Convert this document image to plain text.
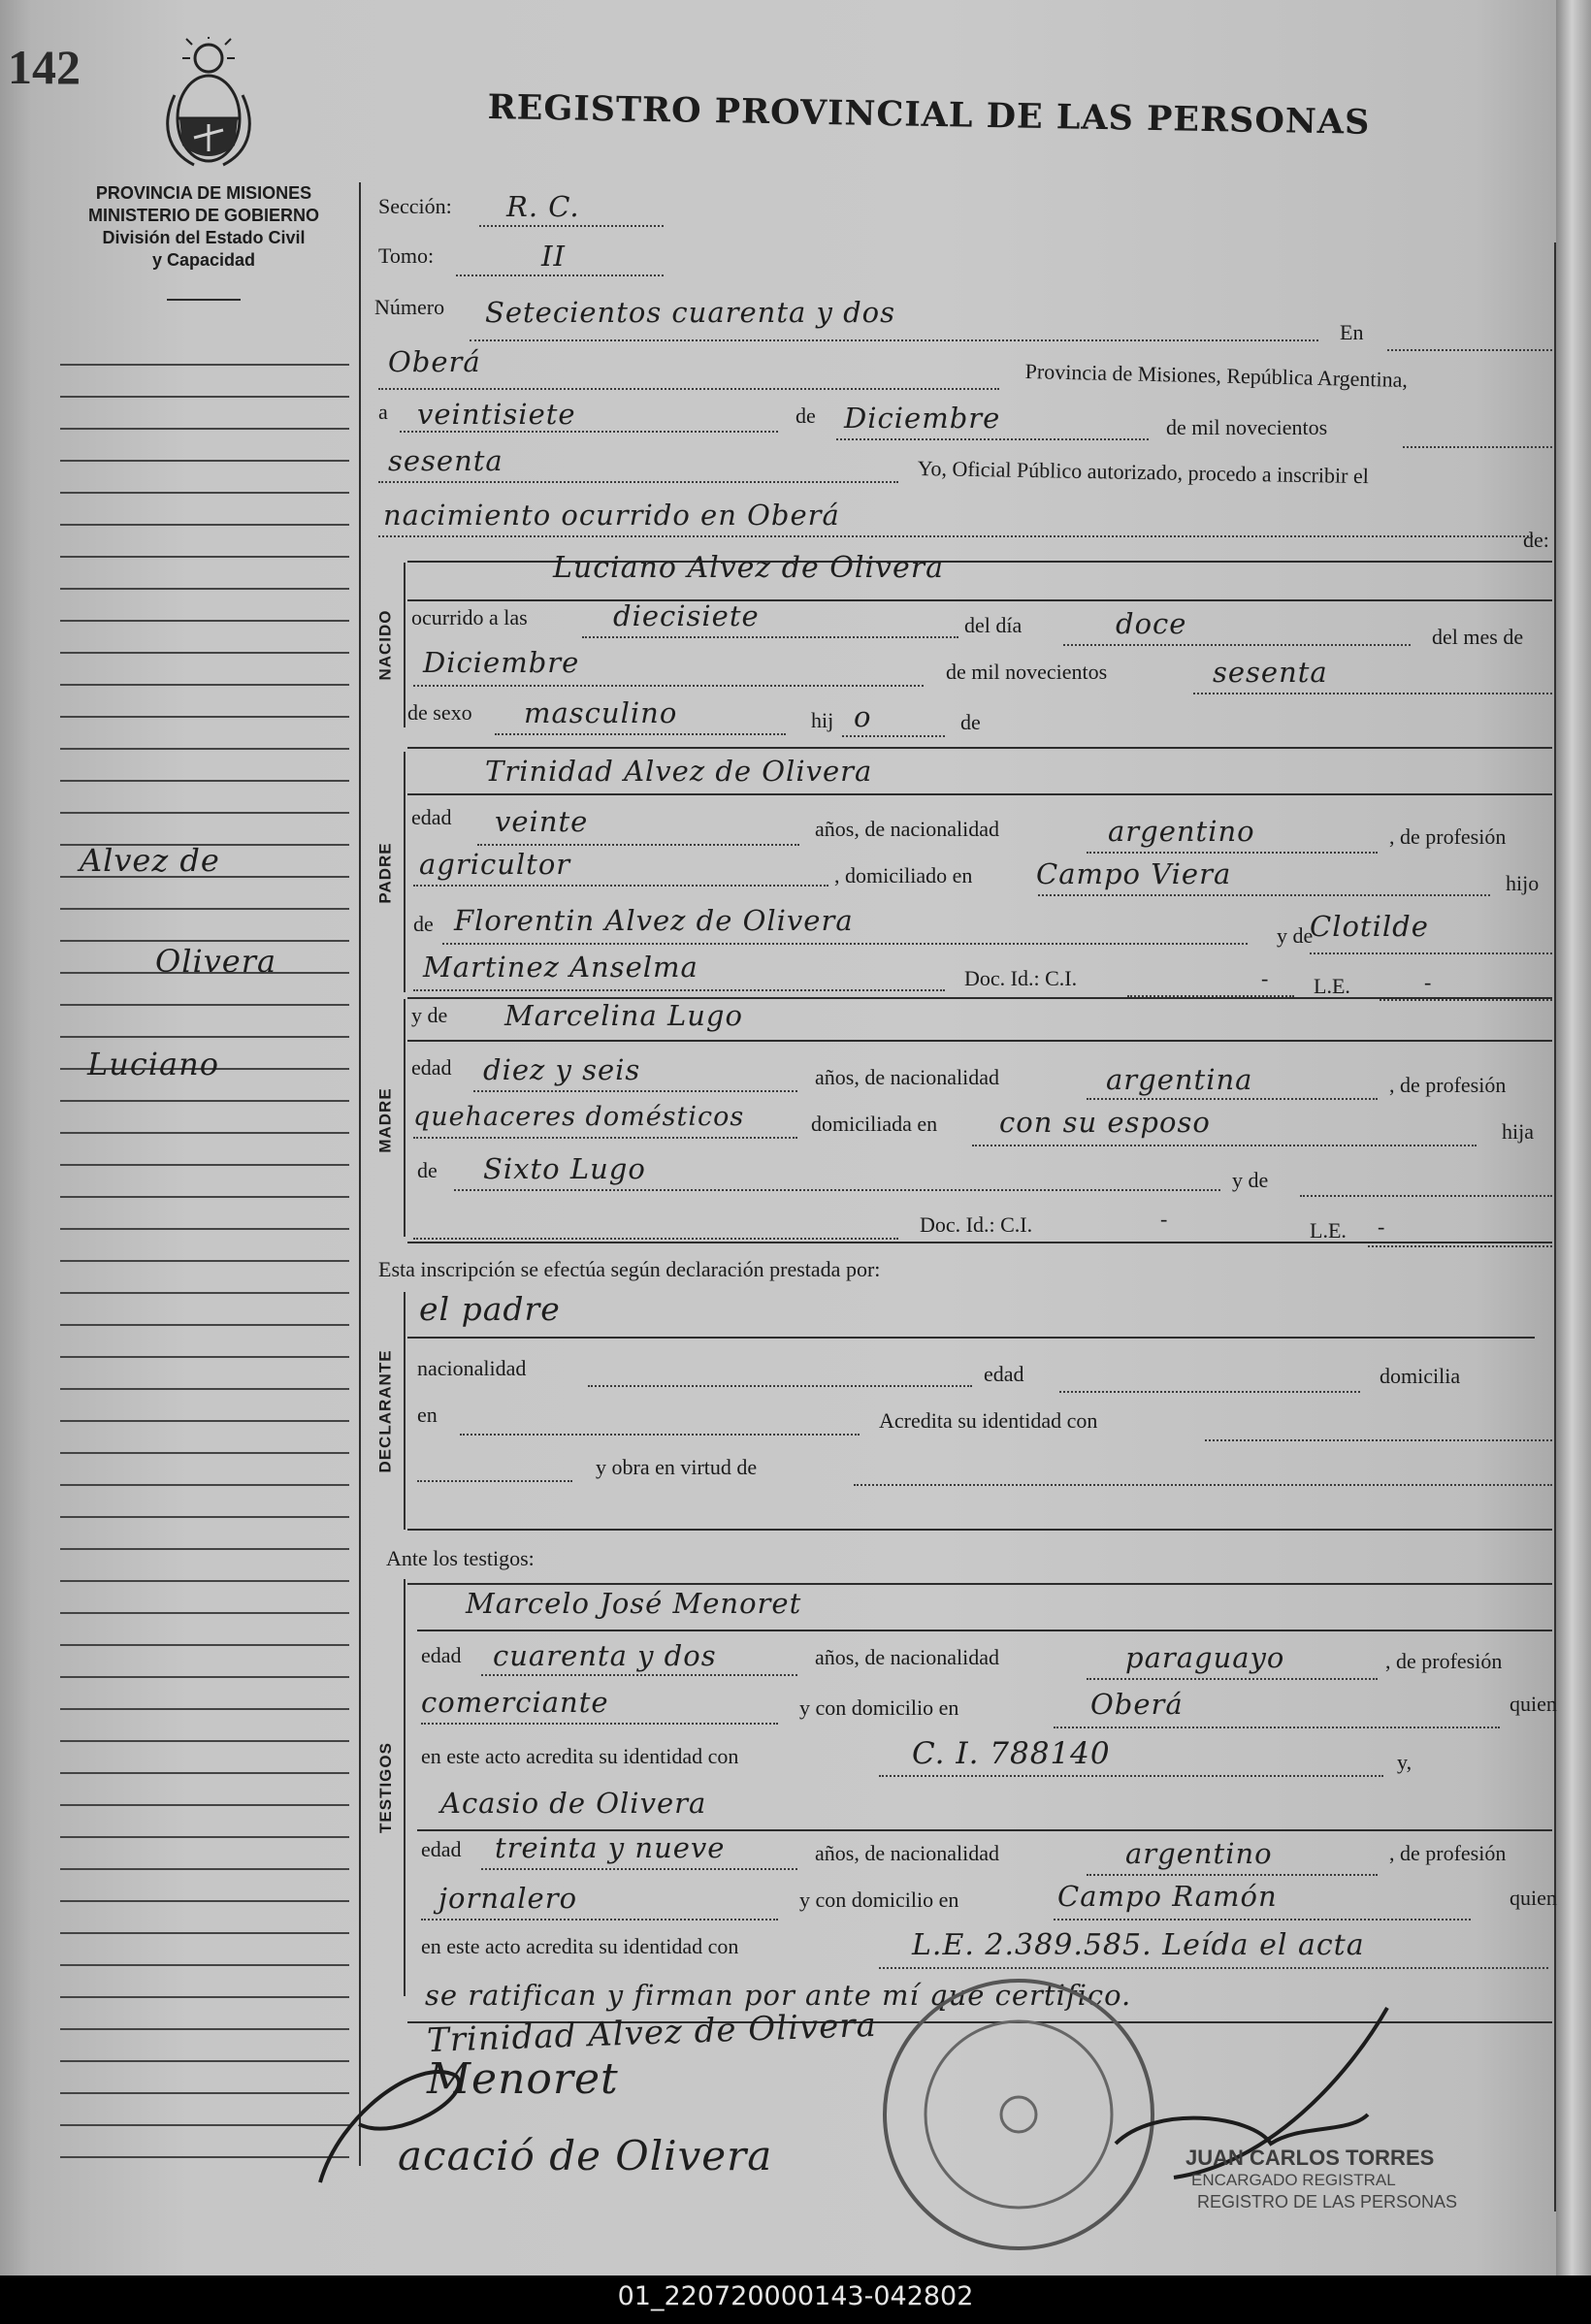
01_220720000143-042802
142
REGISTRO PROVINCIAL DE LAS PERSONAS
PROVINCIA DE MISIONES
MINISTERIO DE GOBIERNO
División del Estado Civil
y Capacidad
Alvez de
Olivera
Luciano
NACIDO
PADRE
MADRE
DECLARANTE
TESTIGOS
Sección: R. C.
Tomo:	II
Número Setecientos cuarenta y dos
En
Oberá	Provincia de Misiones, República Argentina,
a veintisiete	de Diciembre	de mil novecientos
sesenta	Yo, Oficial Público autorizado, procedo a inscribir el
nacimiento ocurrido en Oberá
de:
Luciano Alvez de Olivera
ocurrido a las	diecisiete	del día	doce	del mes de
Diciembre	de mil novecientos	sesenta
de sexo masculino	hij o	de
Trinidad Alvez de Olivera
edad veinte	años, de nacionalidad	argentino	, de profesión
agricultor	, domiciliado en Campo Viera	hijo
de Florentin Alvez de Olivera	y de
Clotilde
Martinez Anselma	Doc. Id.: C.I.	- L.E.	-
y de Marcelina Lugo
edad diez y seis	años, de nacionalidad	argentina	, de profesión
quehaceres domésticos	domiciliada en con su esposo	hija
de Sixto Lugo	y de
Doc. Id.: C.I.	-	L.E. -
Esta inscripción se efectúa según declaración prestada por:
el padre
nacionalidad	edad	domicilia
en	Acredita su identidad con
y obra en virtud de
Ante los testigos:
Marcelo José Menoret
edad cuarenta y dos	años, de nacionalidad	paraguayo	, de profesión
comerciante	y con domicilio en	Oberá	quien
en este acto acredita su identidad con	C. I. 788140	y,
Acasio de Olivera
edad treinta y nueve	años, de nacionalidad	argentino	, de profesión
jornalero	y con domicilio en	Campo Ramón	quien
en este acto acredita su identidad con	L.E. 2.389.585. Leída el acta
se ratifican y firman por ante mí que certifico.
Trinidad Alvez de Olivera
Menoret
acació de Olivera	JUAN CARLOS TORRES
ENCARGADO REGISTRAL
REGISTRO DE LAS PERSONAS
